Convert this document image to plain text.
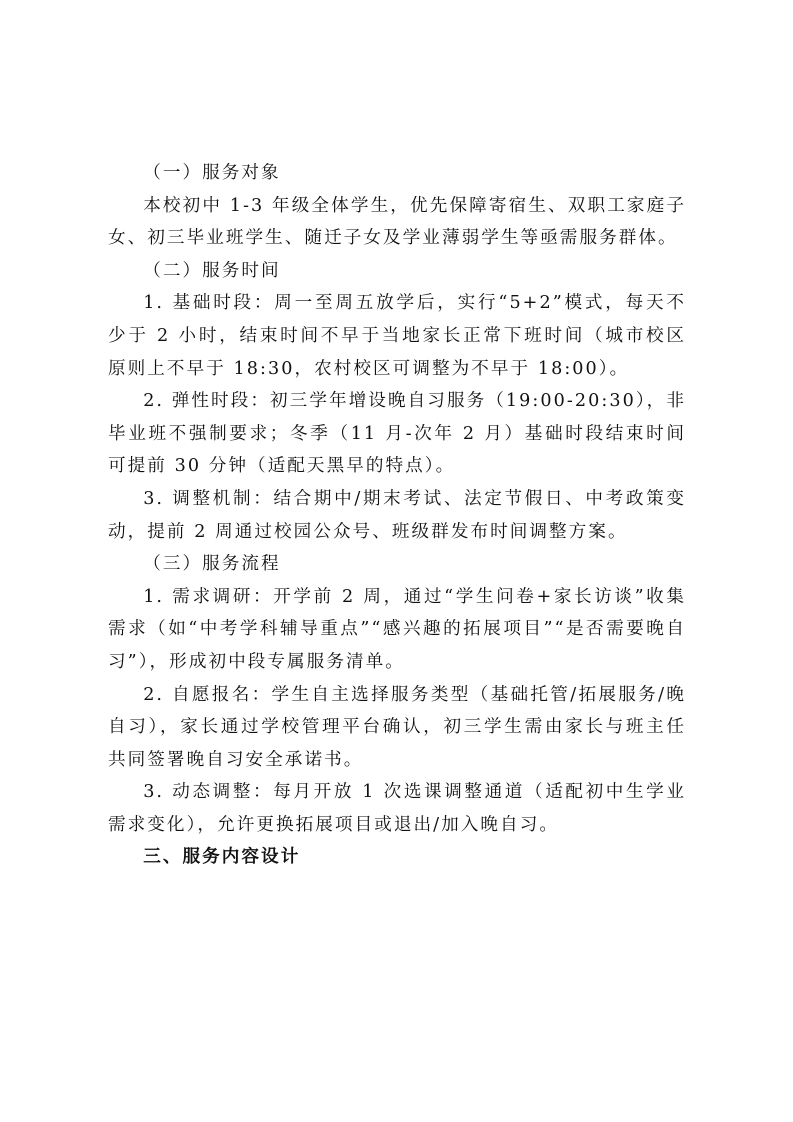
（一）服务对象

本校初中 1-3 年级全体学生，优先保障寄宿生、双职工家庭子女、初三毕业班学生、随迁子女及学业薄弱学生等亟需服务群体。

（二）服务时间

1. 基础时段：周一至周五放学后，实行“5+2”模式，每天不少于 2 小时，结束时间不早于当地家长正常下班时间（城市校区原则上不早于 18:30，农村校区可调整为不早于 18:00）。

2. 弹性时段：初三学年增设晚自习服务（19:00-20:30），非毕业班不强制要求；冬季（11 月-次年 2 月）基础时段结束时间可提前 30 分钟（适配天黑早的特点）。

3. 调整机制：结合期中/期末考试、法定节假日、中考政策变动，提前 2 周通过校园公众号、班级群发布时间调整方案。

（三）服务流程

1. 需求调研：开学前 2 周，通过“学生问卷+家长访谈”收集需求（如“中考学科辅导重点”“感兴趣的拓展项目”“是否需要晚自习”），形成初中段专属服务清单。

2. 自愿报名：学生自主选择服务类型（基础托管/拓展服务/晚自习），家长通过学校管理平台确认，初三学生需由家长与班主任共同签署晚自习安全承诺书。

3. 动态调整：每月开放 1 次选课调整通道（适配初中生学业需求变化），允许更换拓展项目或退出/加入晚自习。

三、服务内容设计
